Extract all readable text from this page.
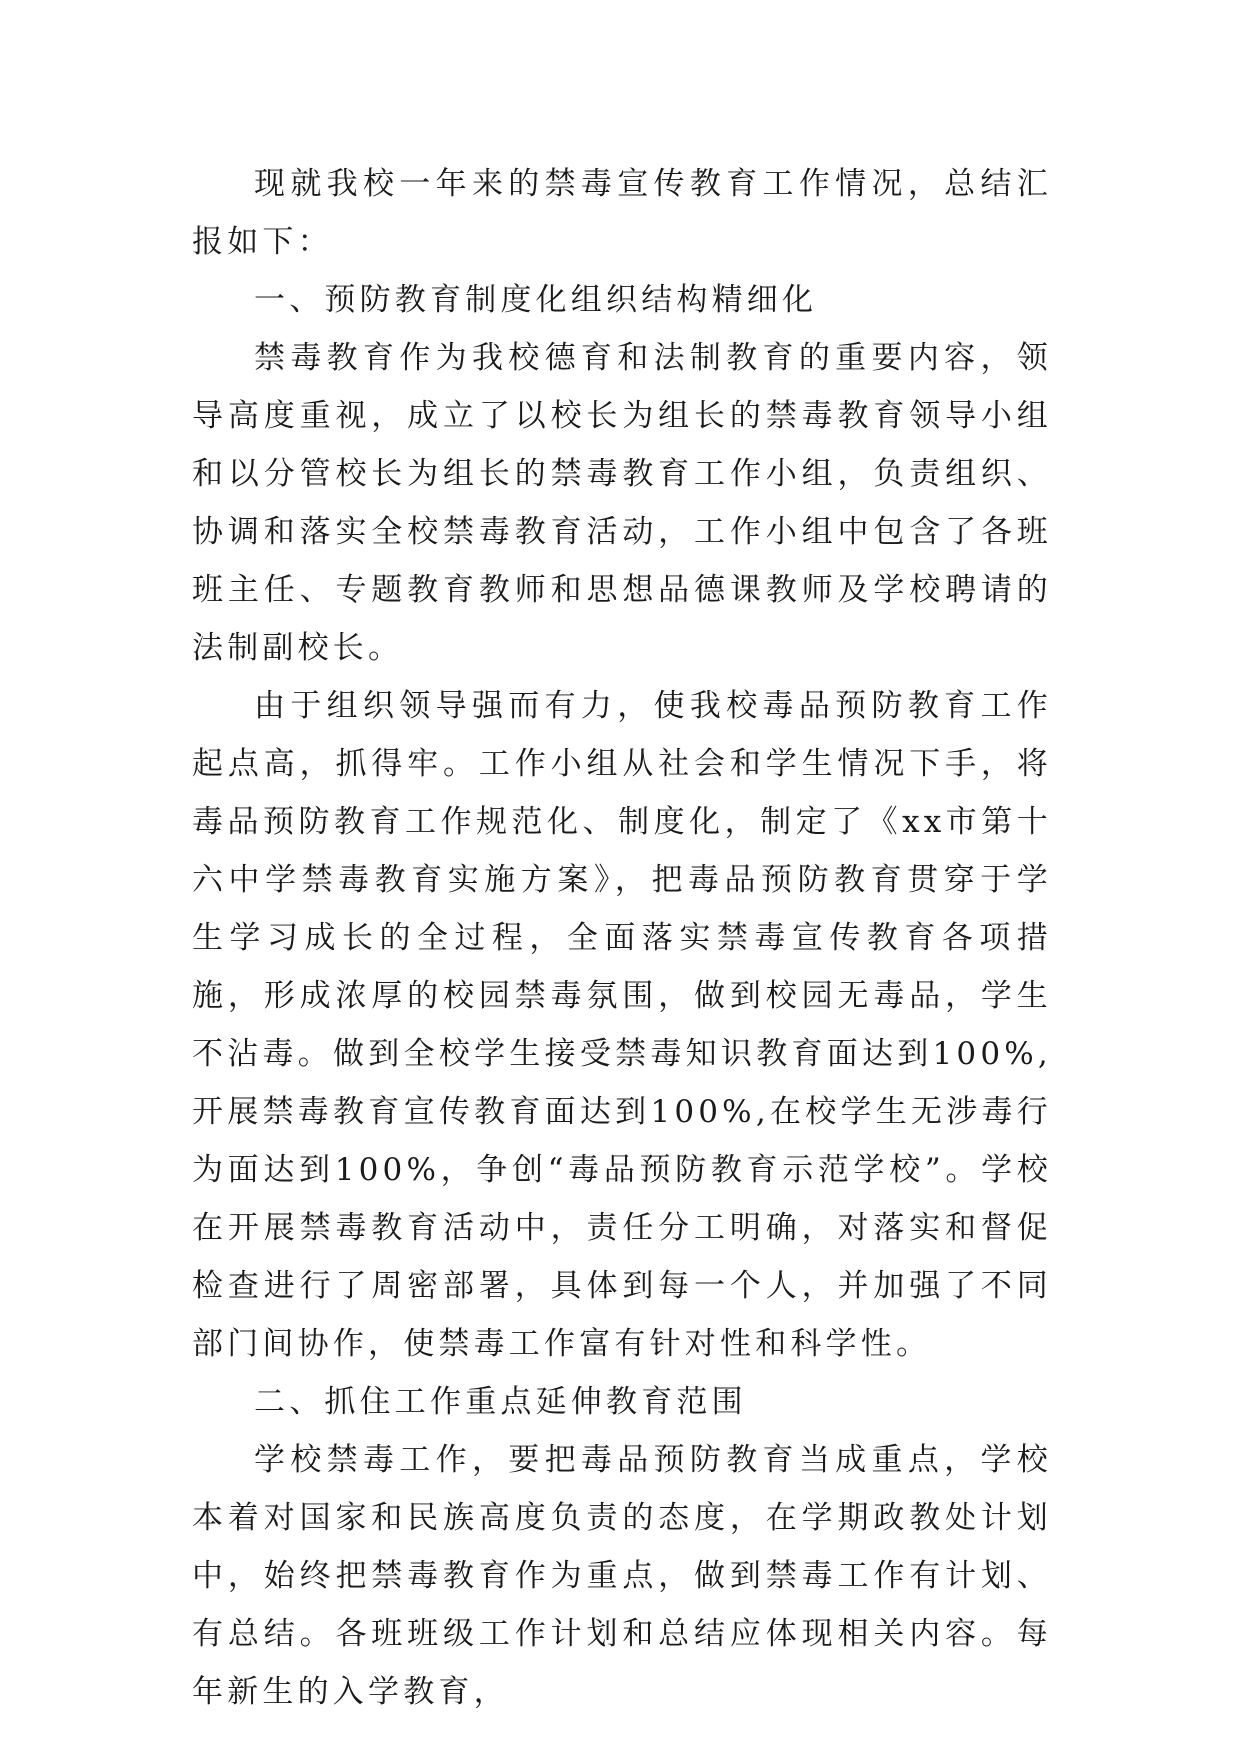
现就我校一年来的禁毒宣传教育工作情况，总结汇报如下：

一、预防教育制度化组织结构精细化

禁毒教育作为我校德育和法制教育的重要内容，领导高度重视，成立了以校长为组长的禁毒教育领导小组和以分管校长为组长的禁毒教育工作小组，负责组织、协调和落实全校禁毒教育活动，工作小组中包含了各班班主任、专题教育教师和思想品德课教师及学校聘请的法制副校长。

由于组织领导强而有力，使我校毒品预防教育工作起点高，抓得牢。工作小组从社会和学生情况下手，将毒品预防教育工作规范化、制度化，制定了《xx市第十六中学禁毒教育实施方案》，把毒品预防教育贯穿于学生学习成长的全过程，全面落实禁毒宣传教育各项措施，形成浓厚的校园禁毒氛围，做到校园无毒品，学生不沾毒。做到全校学生接受禁毒知识教育面达到100%,开展禁毒教育宣传教育面达到100%,在校学生无涉毒行为面达到100%，争创“毒品预防教育示范学校”。学校在开展禁毒教育活动中，责任分工明确，对落实和督促检查进行了周密部署，具体到每一个人，并加强了不同部门间协作，使禁毒工作富有针对性和科学性。

二、抓住工作重点延伸教育范围

学校禁毒工作，要把毒品预防教育当成重点，学校本着对国家和民族高度负责的态度，在学期政教处计划中，始终把禁毒教育作为重点，做到禁毒工作有计划、有总结。各班班级工作计划和总结应体现相关内容。每年新生的入学教育，
